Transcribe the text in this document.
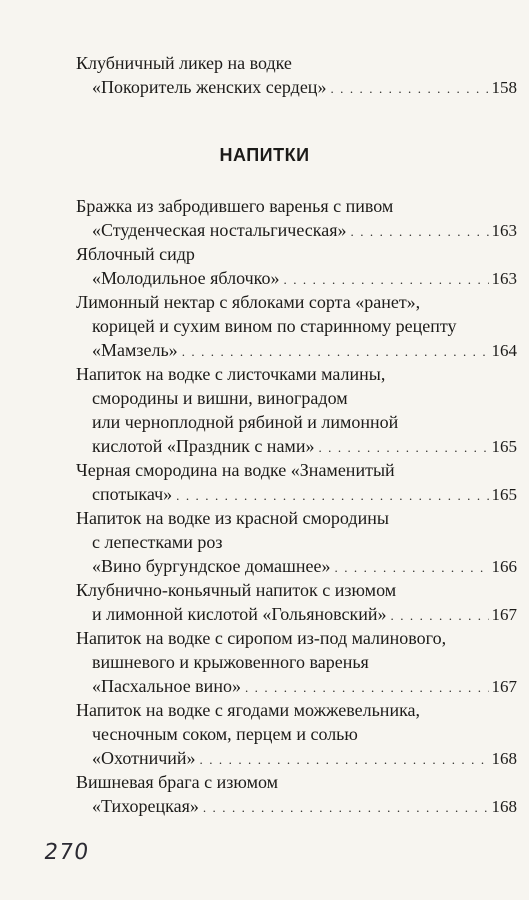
НАПИТКИ
Клубничный ликер на водке
«Покоритель женских сердец» . . .	158
Бражка из забродившего варенья с пивом
«Студенческая ностальгическая» . . .	163
Яблочный сидр
«Молодильное яблочко» . . .	163
Лимонный нектар с яблоками сорта «ранет»,
корицей и сухим вином по старинному рецепту
«Мамзель» . . .	164
Напиток на водке с листочками малины,
смородины и вишни, виноградом
или черноплодной рябиной и лимонной
кислотой «Праздник с нами» . . .	165
Черная смородина на водке «Знаменитый
спотыкач» . . .	165
Напиток на водке из красной смородины
с лепестками роз
«Вино бургундское домашнее» . . .	166
Клубнично-коньячный напиток с изюмом
и лимонной кислотой «Гольяновский» . . .	167
Напиток на водке с сиропом из-под малинового,
вишневого и крыжовенного варенья
«Пасхальное вино» . . .	167
Напиток на водке с ягодами можжевельника,
чесночным соком, перцем и солью
«Охотничий» . . .	168
Вишневая брага с изюмом
«Тихорецкая» . . .	168
270
